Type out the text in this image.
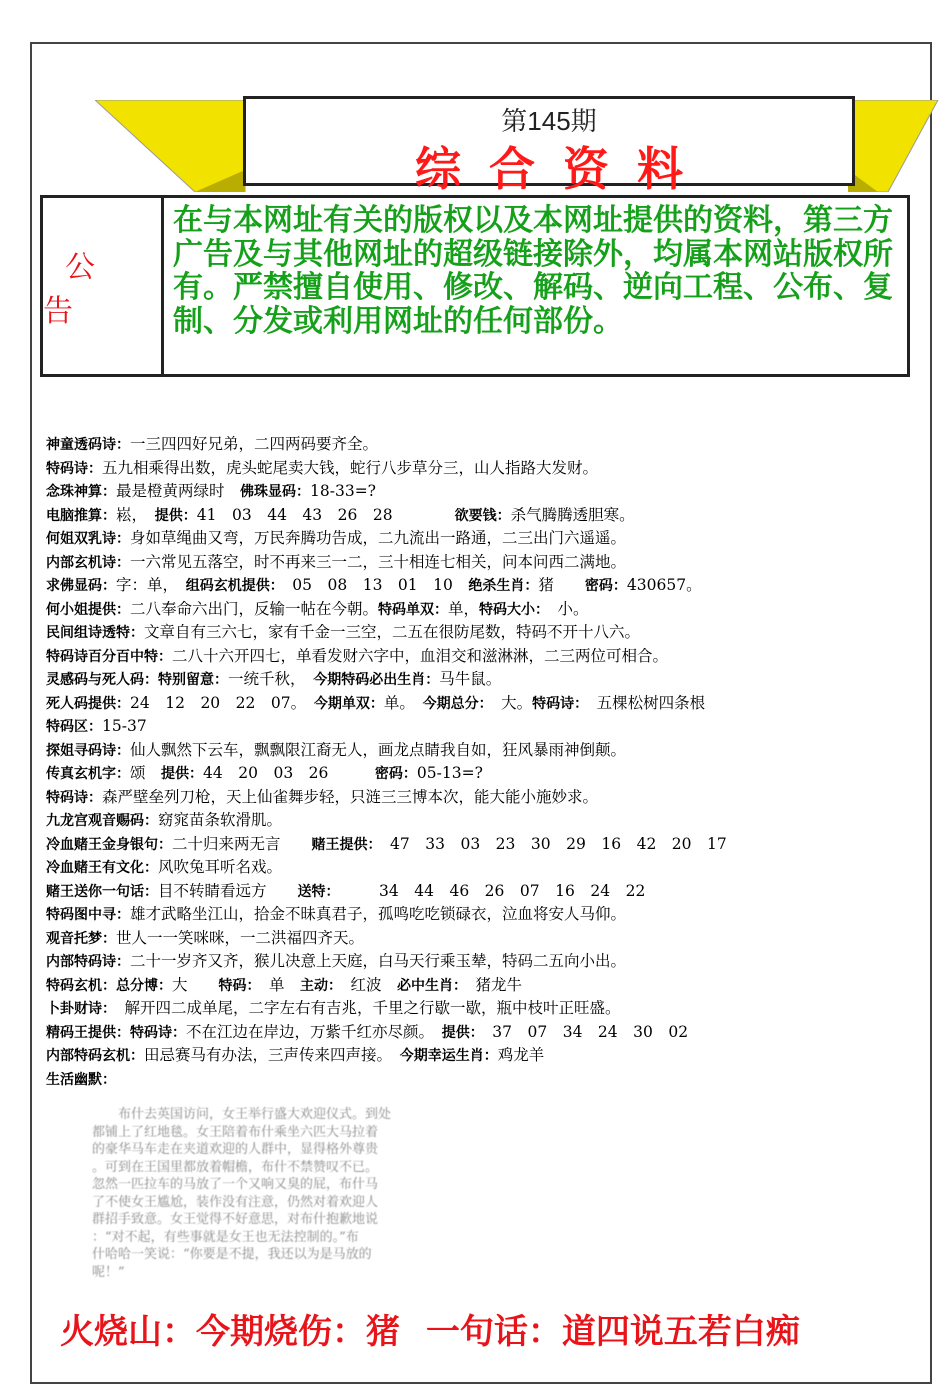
第145期
综合资料
公告
在与本网址有关的版权以及本网址提供的资料，第三方广告及与其他网址的超级链接除外，均属本网站版权所有。严禁擅自使用、修改、解码、逆向工程、公布、复制、分发或利用网址的任何部份。
神童透码诗：一三四四好兄弟，二四两码要齐全。
特码诗：五九相乘得出数，虎头蛇尾卖大钱，蛇行八步草分三，山人指路大发财。
念珠神算：最是橙黄两绿时　佛珠显码：18-33=?
电脑推算：崧，　提供：41　03　44　43　26　28　　　　欲要钱：杀气腾腾透胆寒。
何姐双乳诗：身如草绳曲又弯，万民奔腾功告成，二九流出一路通，二三出门六遥遥。
内部玄机诗：一六常见五落空，时不再来三一二，三十相连七相关，问本问西二满地。
求佛显码：字：单，　组码玄机提供：　05　08　13　01　10　绝杀生肖：猪　　密码：430657。
何小姐提供：二八奉命六出门，反输一帖在今朝。特码单双：单，特码大小：　小。
民间组诗透特：文章自有三六七，家有千金一三空，二五在很防尾数，特码不开十八六。
特码诗百分百中特：二八十六开四七，单看发财六字中，血泪交和滋淋淋，二三两位可相合。
灵感码与死人码：特别留意：一统千秋，　今期特码必出生肖：马牛鼠。
死人码提供：24　12　20　22　07。　今期单双：单。　今期总分：　大。特码诗：　五棵松树四条根
特码区：15-37
探姐寻码诗：仙人飘然下云车，飘飘限江裔无人，画龙点睛我自如，狂风暴雨神倒颠。
传真玄机字：颂　提供：44　20　03　26　　　密码：05-13=?
特码诗：森严壁垒列刀枪，天上仙雀舞步轻，只涟三三博本次，能大能小施妙求。
九龙宫观音赐码：窈窕苗条软滑肌。
冷血赌王金身银句：二十归来两无言　　赌王提供：　47　33　03　23　30　29　16　42　20　17
冷血赌王有文化：风吹兔耳听名戏。
赌王送你一句话：目不转睛看远方　　送特：　　　34　44　46　26　07　16　24　22
特码图中寻：雄才武略坐江山，拾金不昧真君子，孤鸣吃吃锁碌衣，泣血将安人马仰。
观音托梦：世人一一笑咪咪，一二洪福四齐天。
内部特码诗：二十一岁齐又齐，猴儿决意上天庭，白马天行乘玉辇，特码二五向小出。
特码玄机：总分博：大　　特码：　单　主动：　红波　必中生肖：　猪龙牛
卜卦财诗：　解开四二成单尾，二字左右有吉兆，千里之行歇一歇，瓶中枝叶正旺盛。
精码王提供：特码诗：不在江边在岸边，万紫千红亦尽颜。　提供：　37　07　34　24　30　02
内部特码玄机：田忌赛马有办法，三声传来四声接。　今期幸运生肖：鸡龙羊
生活幽默：
　　布什去英国访问，女王举行盛大欢迎仪式。到处
都铺上了红地毯。女王陪着布什乘坐六匹大马拉着
的豪华马车走在夹道欢迎的人群中，显得格外尊贵
。可到在王国里都放着帽檐，布什不禁赞叹不已。
忽然一匹拉车的马放了一个又响又臭的屁，布什马
了不使女王尴尬，装作没有注意，仍然对着欢迎人
群招手致意。女王觉得不好意思，对布什抱歉地说
：“对不起，有些事就是女王也无法控制的。”布
什哈哈一笑说：“你要是不提，我还以为是马放的
呢！”
火烧山：今期烧伤：猪 一句话：道四说五若白痴
